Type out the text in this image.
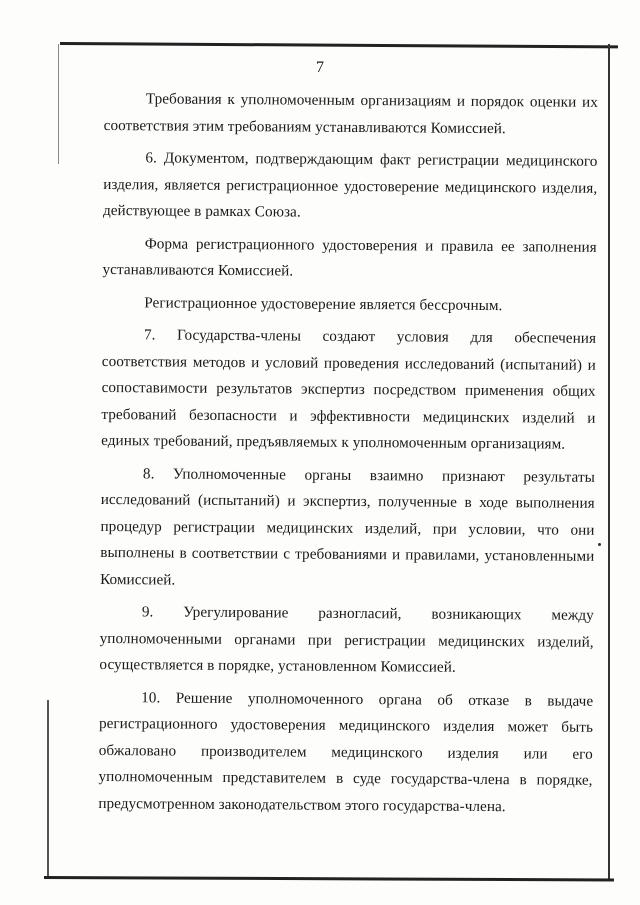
7

Требования к уполномоченным организациям и порядок оценки их соответствия этим требованиям устанавливаются Комиссией.

6. Документом, подтверждающим факт регистрации медицинского изделия, является регистрационное удостоверение медицинского изделия, действующее в рамках Союза.

Форма регистрационного удостоверения и правила ее заполнения устанавливаются Комиссией.

Регистрационное удостоверение является бессрочным.

7. Государства-члены создают условия для обеспечения соответствия методов и условий проведения исследований (испытаний) и сопоставимости результатов экспертиз посредством применения общих требований безопасности и эффективности медицинских изделий и единых требований, предъявляемых к уполномоченным организациям.

8. Уполномоченные органы взаимно признают результаты исследований (испытаний) и экспертиз, полученные в ходе выполнения процедур регистрации медицинских изделий, при условии, что они выполнены в соответствии с требованиями и правилами, установленными Комиссией.

9. Урегулирование разногласий, возникающих между уполномоченными органами при регистрации медицинских изделий, осуществляется в порядке, установленном Комиссией.

10. Решение уполномоченного органа об отказе в выдаче регистрационного удостоверения медицинского изделия может быть обжаловано производителем медицинского изделия или его уполномоченным представителем в суде государства-члена в порядке, предусмотренном законодательством этого государства-члена.
